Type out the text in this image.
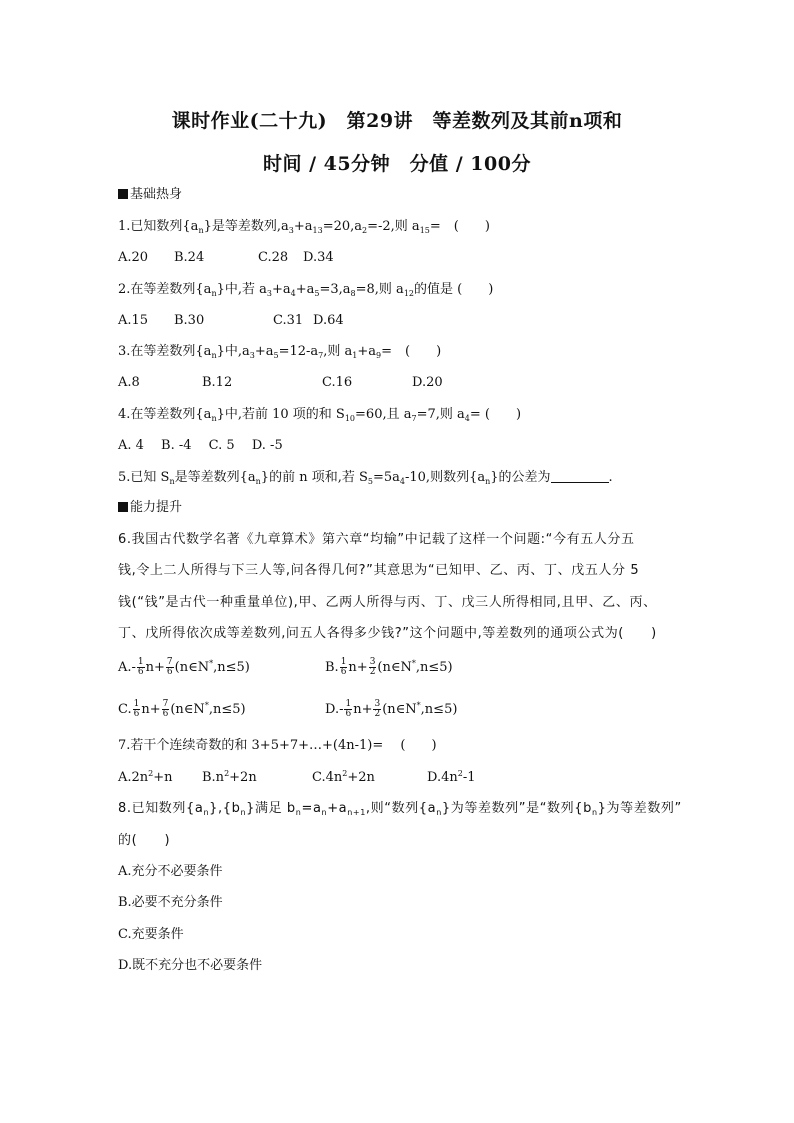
课时作业(二十九)　第29讲　等差数列及其前n项和
时间 / 45分钟　分值 / 100分
基础热身
1.已知数列$\{a_n\}$是等差数列$,a_3+a_{13}=20,a_2=-2$,则 $a_{15}=$　(　　)
A.20 B.24	C.28 D.34
2.在等差数列$\{a_n\}$中,若 $a_3+a_4+a_5=3,a_8=8$,则 $a_{12}$的值是 (　　)
A.15 B.30	C.31 D.64
3.在等差数列$\{a_n\}$中$,a_3+a_5=12-a_7$,则 $a_1+a_9=$　(　　)
A.8	B.12	C.16	D.20
4.在等差数列$\{a_n\}$中,若前 10 项的和 $S_{10}=60$,且 $a_7=7$,则 $a_4=$ (　　)
A. 4　 B. -4　 C. 5　 D. -5
5.已知 $S_n$是等差数列$\{a_n\}$的前 n 项和,若 $S_5=5a_4-10$,则数列$\{a_n\}$的公差为	.
能力提升
6.我国古代数学名著《九章算术》第六章“均输”中记载了这样一个问题:“今有五人分五
钱,令上二人所得与下三人等,问各得几何?”其意思为“已知甲、乙、丙、丁、戊五人分 5
钱(“钱”是古代一种重量单位),甲、乙两人所得与丙、丁、戊三人所得相同,且甲、乙、丙、
丁、戊所得依次成等差数列,问五人各得多少钱?”这个问题中,等差数列的通项公式为(　　)
$A.- \frac{1}{6} n+ \frac{7}{6}$ (n∈N*,n≤5)	B. $\frac{1}{6} n+ \frac{3}{2}$ (n∈N*,n≤5)
C. $\frac{1}{6} n+ \frac{7}{6}$ (n∈N*,n≤5)	$D.- \frac{1}{6} n+ \frac{3}{2}$ (n∈N*,n≤5)
7.若干个连续奇数的和 3+5+7+…+(4n-1)=　 (　　)
$A.2n^2+n$ $B.n^2+2n$	$C.4n^2+2n$	$D.4n^2-1$
8.已知数列$\{a_n\},\{b_n\}$满足 $b_n=a_n+a_{n+1}$,则“数列$\{a_n\}$为等差数列”是“数列$\{b_n\}$为等差数列”
的(　　)
A.充分不必要条件
B.必要不充分条件
C.充要条件
D.既不充分也不必要条件
